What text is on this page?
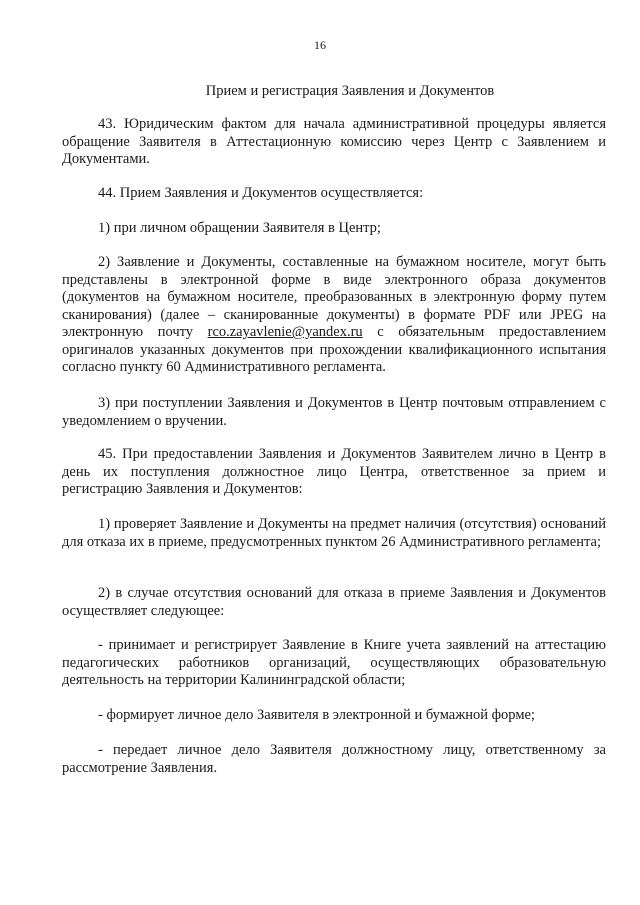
16
Прием и регистрация Заявления и Документов

43. Юридическим фактом для начала административной процедуры является обращение Заявителя в Аттестационную комиссию через Центр с Заявлением и Документами.

44. Прием Заявления и Документов осуществляется:

1) при личном обращении Заявителя в Центр;

2) Заявление и Документы, составленные на бумажном носителе, могут быть представлены в электронной форме в виде электронного образа документов (документов на бумажном носителе, преобразованных в электронную форму путем сканирования) (далее – сканированные документы) в формате PDF или JPEG на электронную почту rco.zayavlenie@yandex.ru с обязательным предоставлением оригиналов указанных документов при прохождении квалификационного испытания согласно пункту 60 Административного регламента.

3) при поступлении Заявления и Документов в Центр почтовым отправлением с уведомлением о вручении.

45. При предоставлении Заявления и Документов Заявителем лично в Центр в день их поступления должностное лицо Центра, ответственное за прием и регистрацию Заявления и Документов:

1) проверяет Заявление и Документы на предмет наличия (отсутствия) оснований для отказа их в приеме, предусмотренных пунктом 26 Административного регламента;

2) в случае отсутствия оснований для отказа в приеме Заявления и Документов осуществляет следующее:

- принимает и регистрирует Заявление в Книге учета заявлений на аттестацию педагогических работников организаций, осуществляющих образовательную деятельность на территории Калининградской области;

- формирует личное дело Заявителя в электронной и бумажной форме;

- передает личное дело Заявителя должностному лицу, ответственному за рассмотрение Заявления.
